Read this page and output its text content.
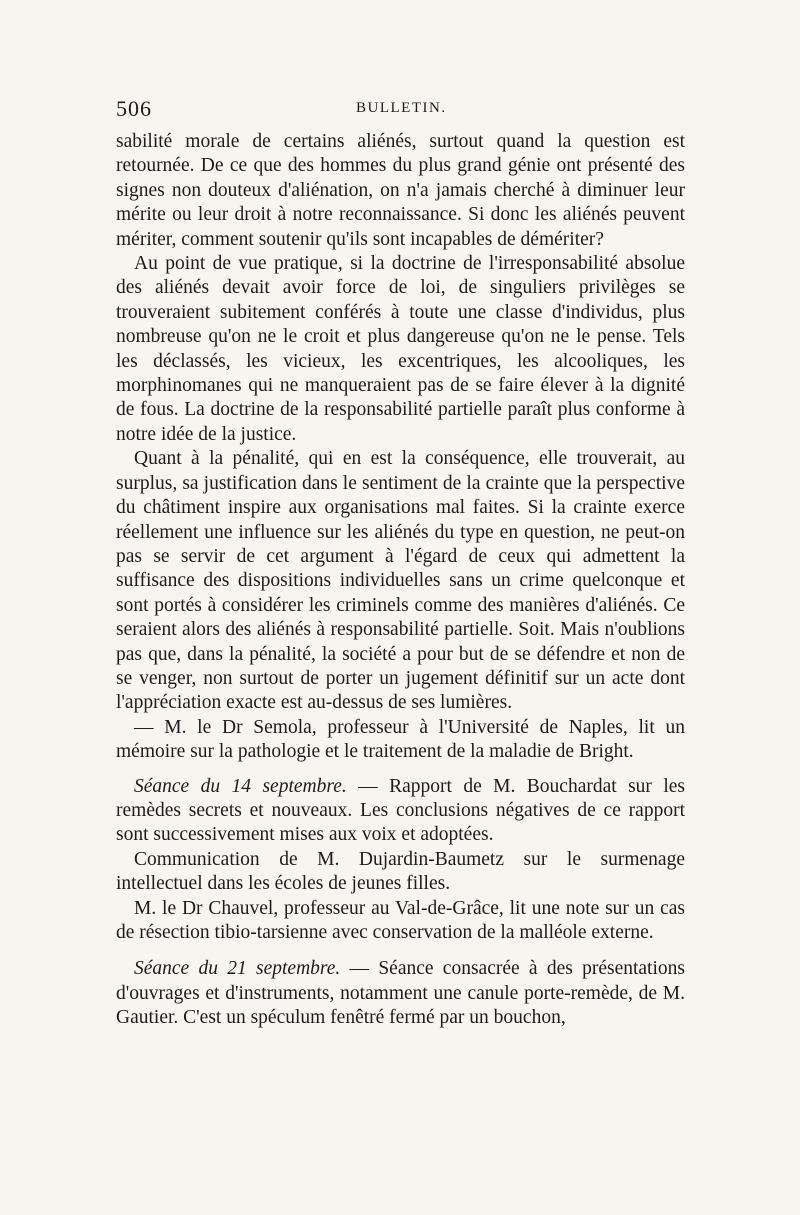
506	BULLETIN.

sabilité morale de certains aliénés, surtout quand la question est retournée. De ce que des hommes du plus grand génie ont présenté des signes non douteux d'aliénation, on n'a jamais cherché à diminuer leur mérite ou leur droit à notre reconnaissance. Si donc les aliénés peuvent mériter, comment soutenir qu'ils sont incapables de démériter?

Au point de vue pratique, si la doctrine de l'irresponsabilité absolue des aliénés devait avoir force de loi, de singuliers privilèges se trouveraient subitement conférés à toute une classe d'individus, plus nombreuse qu'on ne le croit et plus dangereuse qu'on ne le pense. Tels les déclassés, les vicieux, les excentriques, les alcooliques, les morphinomanes qui ne manqueraient pas de se faire élever à la dignité de fous. La doctrine de la responsabilité partielle paraît plus conforme à notre idée de la justice.

Quant à la pénalité, qui en est la conséquence, elle trouverait, au surplus, sa justification dans le sentiment de la crainte que la perspective du châtiment inspire aux organisations mal faites. Si la crainte exerce réellement une influence sur les aliénés du type en question, ne peut-on pas se servir de cet argument à l'égard de ceux qui admettent la suffisance des dispositions individuelles sans un crime quelconque et sont portés à considérer les criminels comme des manières d'aliénés. Ce seraient alors des aliénés à responsabilité partielle. Soit. Mais n'oublions pas que, dans la pénalité, la société a pour but de se défendre et non de se venger, non surtout de porter un jugement définitif sur un acte dont l'appréciation exacte est au-dessus de ses lumières.

— M. le Dr Semola, professeur à l'Université de Naples, lit un mémoire sur la pathologie et le traitement de la maladie de Bright.

Séance du 14 septembre. — Rapport de M. Bouchardat sur les remèdes secrets et nouveaux. Les conclusions négatives de ce rapport sont successivement mises aux voix et adoptées.

Communication de M. Dujardin-Baumetz sur le surmenage intellectuel dans les écoles de jeunes filles.

M. le Dr Chauvel, professeur au Val-de-Grâce, lit une note sur un cas de résection tibio-tarsienne avec conservation de la malléole externe.

Séance du 21 septembre. — Séance consacrée à des présentations d'ouvrages et d'instruments, notamment une canule porte-remède, de M. Gautier. C'est un spéculum fenêtré fermé par un bouchon,
